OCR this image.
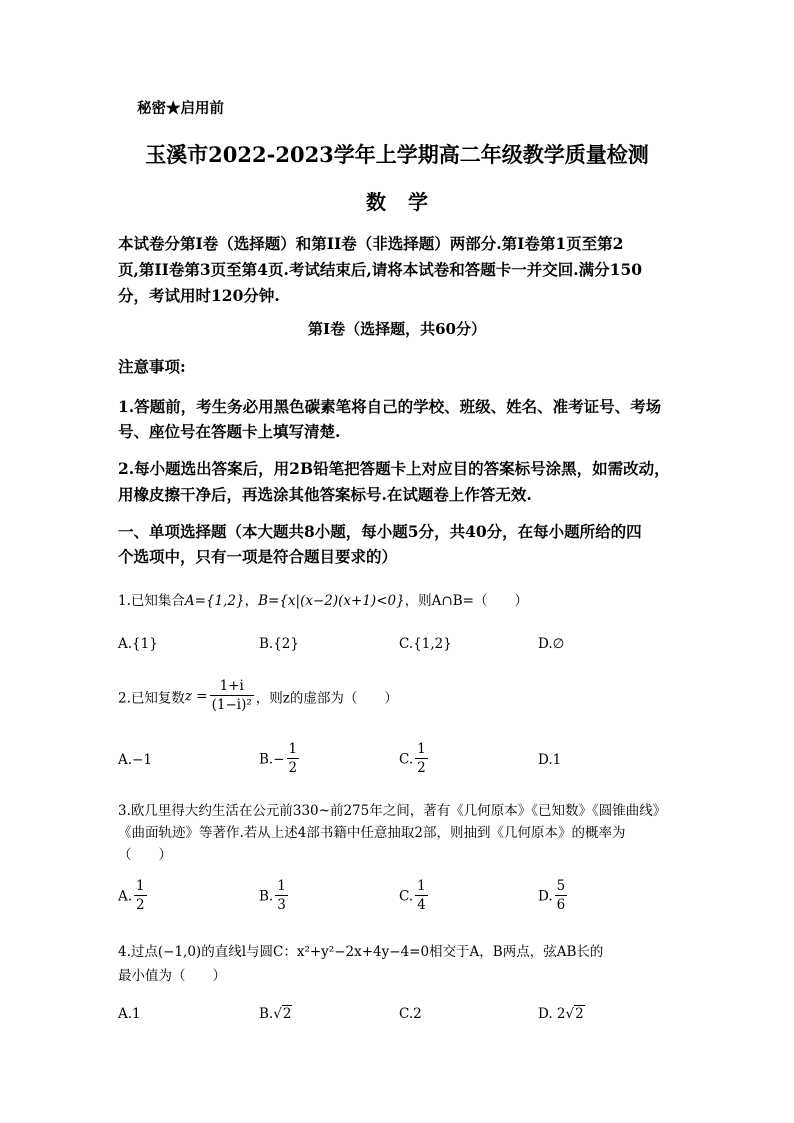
秘密★启用前
玉溪市2022-2023学年上学期高二年级教学质量检测
数学
本试卷分第I卷（选择题）和第II卷（非选择题）两部分.第I卷第1页至第2
页,第II卷第3页至第4页.考试结束后,请将本试卷和答题卡一并交回.满分150
分，考试用时120分钟.
第I卷（选择题，共60分）
注意事项:
1.答题前，考生务必用黑色碳素笔将自己的学校、班级、姓名、准考证号、考场
号、座位号在答题卡上填写清楚.
2.每小题选出答案后，用2B铅笔把答题卡上对应目的答案标号涂黑，如需改动，
用橡皮擦干净后，再选涂其他答案标号.在试题卷上作答无效.
一、单项选择题（本大题共8小题，每小题5分，共40分，在每小题所给的四
个选项中，只有一项是符合题目要求的）
1.已知集合A={1,2}，B={x|(x−2)(x+1)<0}，则A∩B=（　　）
A.{1}	B.{2}	C.{1,2}	D.∅
2.已知复数$z = \frac{1+i}{\text{(1−i)²}}$ ，则z的虚部为（　　）
A.−1	$B.- \frac{1}{2}$	C. $\frac{1}{2}$	D.1
3.欧几里得大约生活在公元前330~前275年之间，著有《几何原本》《已知数》《圆锥曲线》
《曲面轨迹》等著作.若从上述4部书籍中任意抽取2部，则抽到《几何原本》的概率为
（　　）
A. $\frac{1}{2}$	B. $\frac{1}{3}$	C. $\frac{1}{4}$	D. $\frac{5}{6}$
4.过点(−1,0)的直线l与圆C：x²+y²−2x+4y−4=0相交于A，B两点，弦AB长的
最小值为（　　）
A.1	B.√2	C.2	D. 2√2
